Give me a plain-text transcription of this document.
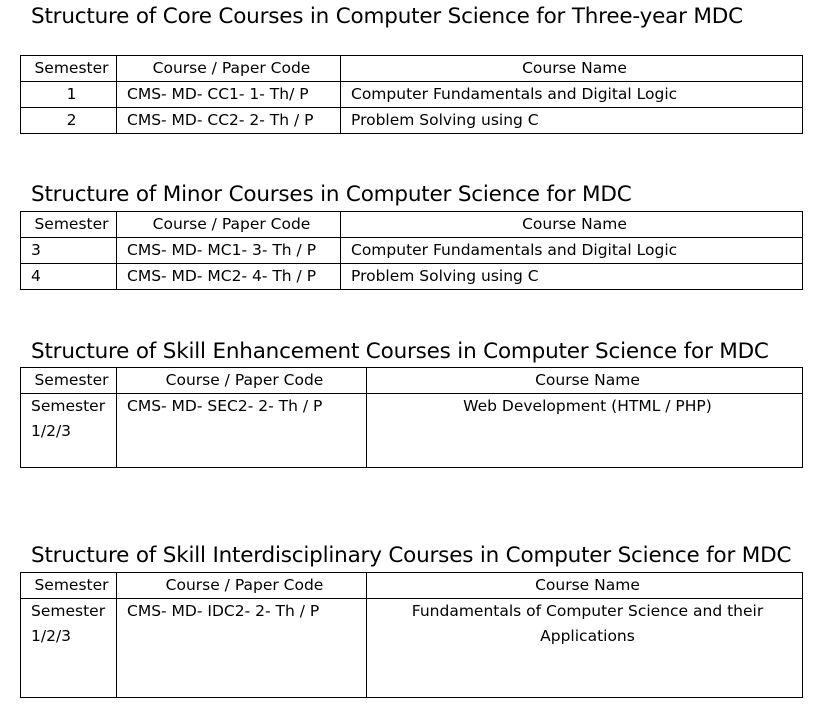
Structure of Core Courses in Computer Science for Three-year MDC
Semester	Course / Paper Code	Course Name
1	CMS- MD- CC1- 1- Th/ P	Computer Fundamentals and Digital Logic
2	CMS- MD- CC2- 2- Th / P	Problem Solving using C
Structure of Minor Courses in Computer Science for MDC
Semester	Course / Paper Code	Course Name
3	CMS- MD- MC1- 3- Th / P	Computer Fundamentals and Digital Logic
4	CMS- MD- MC2- 4- Th / P	Problem Solving using C
Structure of Skill Enhancement Courses in Computer Science for MDC
Semester	Course / Paper Code	Course Name
Semester 1/2/3	CMS- MD- SEC2- 2- Th / P	Web Development (HTML / PHP)
Structure of Skill Interdisciplinary Courses in Computer Science for MDC
Semester	Course / Paper Code	Course Name
Semester 1/2/3	CMS- MD- IDC2- 2- Th / P	Fundamentals of Computer Science and their Applications
